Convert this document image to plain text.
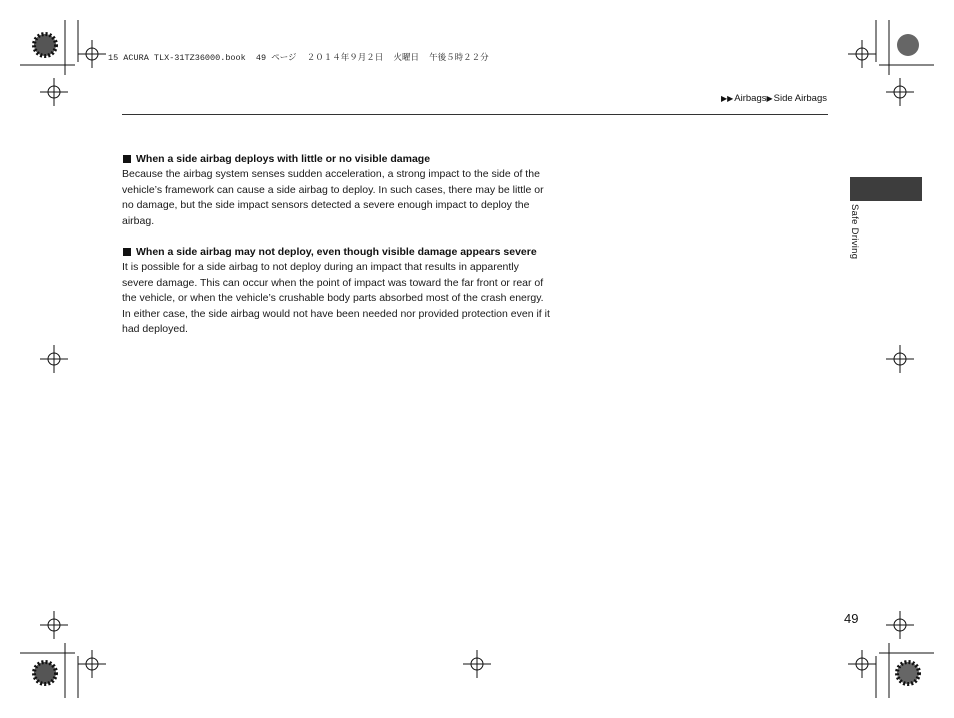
15 ACURA TLX-31TZ36000.book  49 ページ  ２０１４年９月２日  火曜日  午後５時２２分
▶▶ Airbags ▶ Side Airbags
When a side airbag deploys with little or no visible damage

Because the airbag system senses sudden acceleration, a strong impact to the side of the vehicle’s framework can cause a side airbag to deploy. In such cases, there may be little or no damage, but the side impact sensors detected a severe enough impact to deploy the airbag.

When a side airbag may not deploy, even though visible damage appears severe

It is possible for a side airbag to not deploy during an impact that results in apparently severe damage. This can occur when the point of impact was toward the far front or rear of the vehicle, or when the vehicle’s crushable body parts absorbed most of the crash energy. In either case, the side airbag would not have been needed nor provided protection even if it had deployed.

Safe Driving
49
